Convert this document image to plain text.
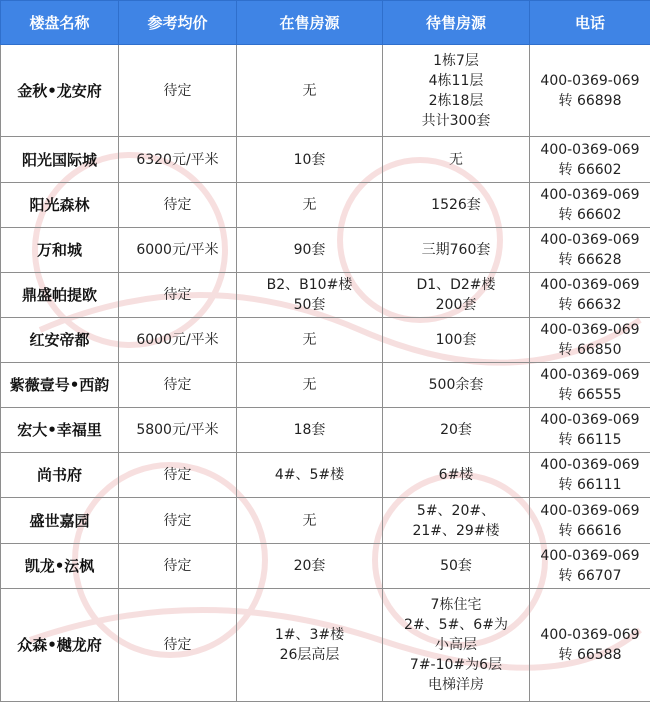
楼盘名称	参考均价	在售房源	待售房源	电话
金秋•龙安府	待定	无	1栋7层
4栋11层
2栋18层
共计300套	400-0369-069
转 66898

阳光国际城	6320元/平米	10套	无	400-0369-069
转 66602

阳光森林	待定	无	1526套	400-0369-069
转 66602

万和城	6000元/平米	90套	三期760套	400-0369-069
转 66628

鼎盛帕提欧	待定	B2、B10#楼
50套	D1、D2#楼
200套	400-0369-069
转 66632

红安帝都	6000元/平米	无	100套	400-0369-069
转 66850

紫薇壹号•西韵	待定	无	500余套	400-0369-069
转 66555

宏大•幸福里	5800元/平米	18套	20套	400-0369-069
转 66115

尚书府	待定	4#、5#楼	6#楼	400-0369-069
转 66111

盛世嘉园	待定	无	5#、20#、
21#、29#楼	400-0369-069
转 66616

凯龙•沄枫	待定	20套	50套	400-0369-069
转 66707

众森•樾龙府	待定	1#、3#楼
26层高层	7栋住宅
2#、5#、6#为
小高层
7#-10#为6层
电梯洋房	400-0369-069
转 66588
